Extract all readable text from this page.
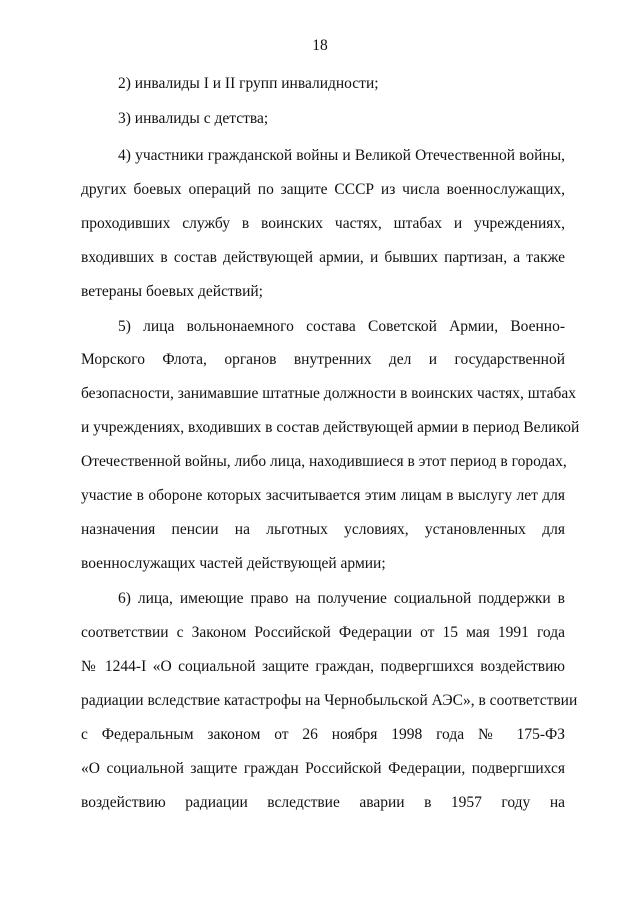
18
2) инвалиды I и II групп инвалидности;
3) инвалиды с детства;
4) участники гражданской войны и Великой Отечественной войны,
других боевых операций по защите СССР из числа военнослужащих,
проходивших службу в воинских частях, штабах и учреждениях,
входивших в состав действующей армии, и бывших партизан, а также
ветераны боевых действий;
5) лица вольнонаемного состава Советской Армии, Военно-
Морского Флота, органов внутренних дел и государственной
безопасности, занимавшие штатные должности в воинских частях, штабах
и учреждениях, входивших в состав действующей армии в период Великой
Отечественной войны, либо лица, находившиеся в этот период в городах,
участие в обороне которых засчитывается этим лицам в выслугу лет для
назначения пенсии на льготных условиях, установленных для
военнослужащих частей действующей армии;
6) лица, имеющие право на получение социальной поддержки в
соответствии с Законом Российской Федерации от 15 мая 1991 года
№ 1244-I «О социальной защите граждан, подвергшихся воздействию
радиации вследствие катастрофы на Чернобыльской АЭС», в соответствии
с Федеральным законом от 26 ноября 1998 года № 175-ФЗ
«О социальной защите граждан Российской Федерации, подвергшихся
воздействию радиации вследствие аварии в 1957 году на
